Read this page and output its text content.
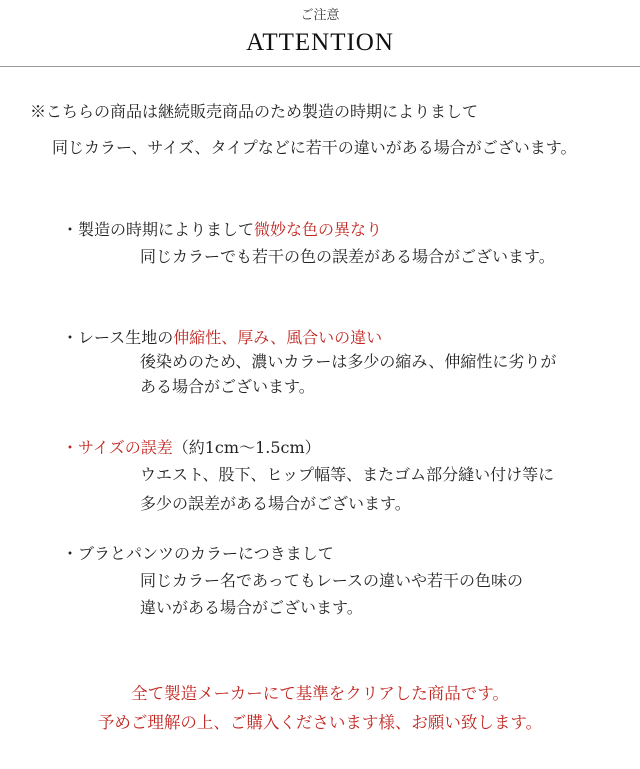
ご注意
ATTENTION
※こちらの商品は継続販売商品のため製造の時期によりまして
同じカラー、サイズ、タイプなどに若干の違いがある場合がございます。
・製造の時期によりまして微妙な色の異なり
同じカラーでも若干の色の誤差がある場合がございます。
・レース生地の伸縮性、厚み、風合いの違い
後染めのため、濃いカラーは多少の縮み、伸縮性に劣りが
ある場合がございます。
・サイズの誤差（約1cm〜1.5cm）
ウエスト、股下、ヒップ幅等、またゴム部分縫い付け等に
多少の誤差がある場合がございます。
・ブラとパンツのカラーにつきまして
同じカラー名であってもレースの違いや若干の色味の
違いがある場合がございます。
全て製造メーカーにて基準をクリアした商品です。
予めご理解の上、ご購入くださいます様、お願い致します。
